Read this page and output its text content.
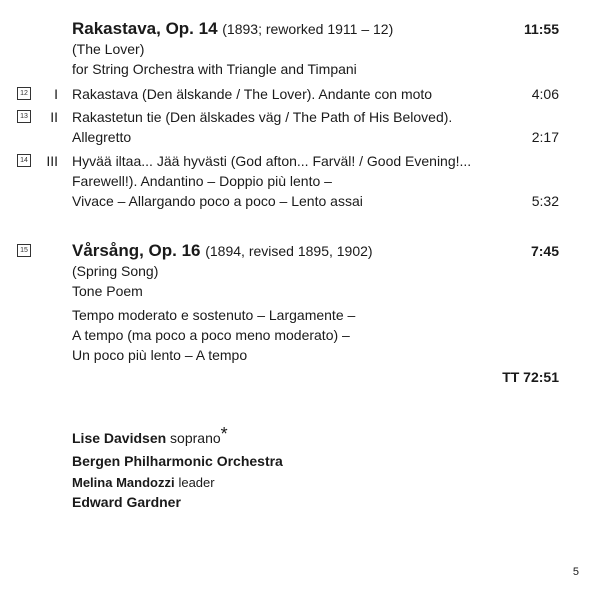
Rakastava, Op. 14 (1893; reworked 1911 – 12)	11:55
(The Lover)
for String Orchestra with Triangle and Timpani
12	I Rakastava (Den älskande / The Lover). Andante con moto	4:06
13	II Rakastetun tie (Den älskades väg / The Path of His Beloved).
Allegretto	2:17
14	III Hyvää iltaa... Jää hyvästi (God afton... Farväl! / Good Evening!...
Farewell!). Andantino – Doppio più lento –
Vivace – Allargando poco a poco – Lento assai	5:32
15	Vårsång, Op. 16 (1894, revised 1895, 1902)	7:45
(Spring Song)
Tone Poem
Tempo moderato e sostenuto – Largamente –
A tempo (ma poco a poco meno moderato) –
Un poco più lento – A tempo
TT 72:51
Lise Davidsen soprano*
Bergen Philharmonic Orchestra
Melina Mandozzi leader
Edward Gardner
5
